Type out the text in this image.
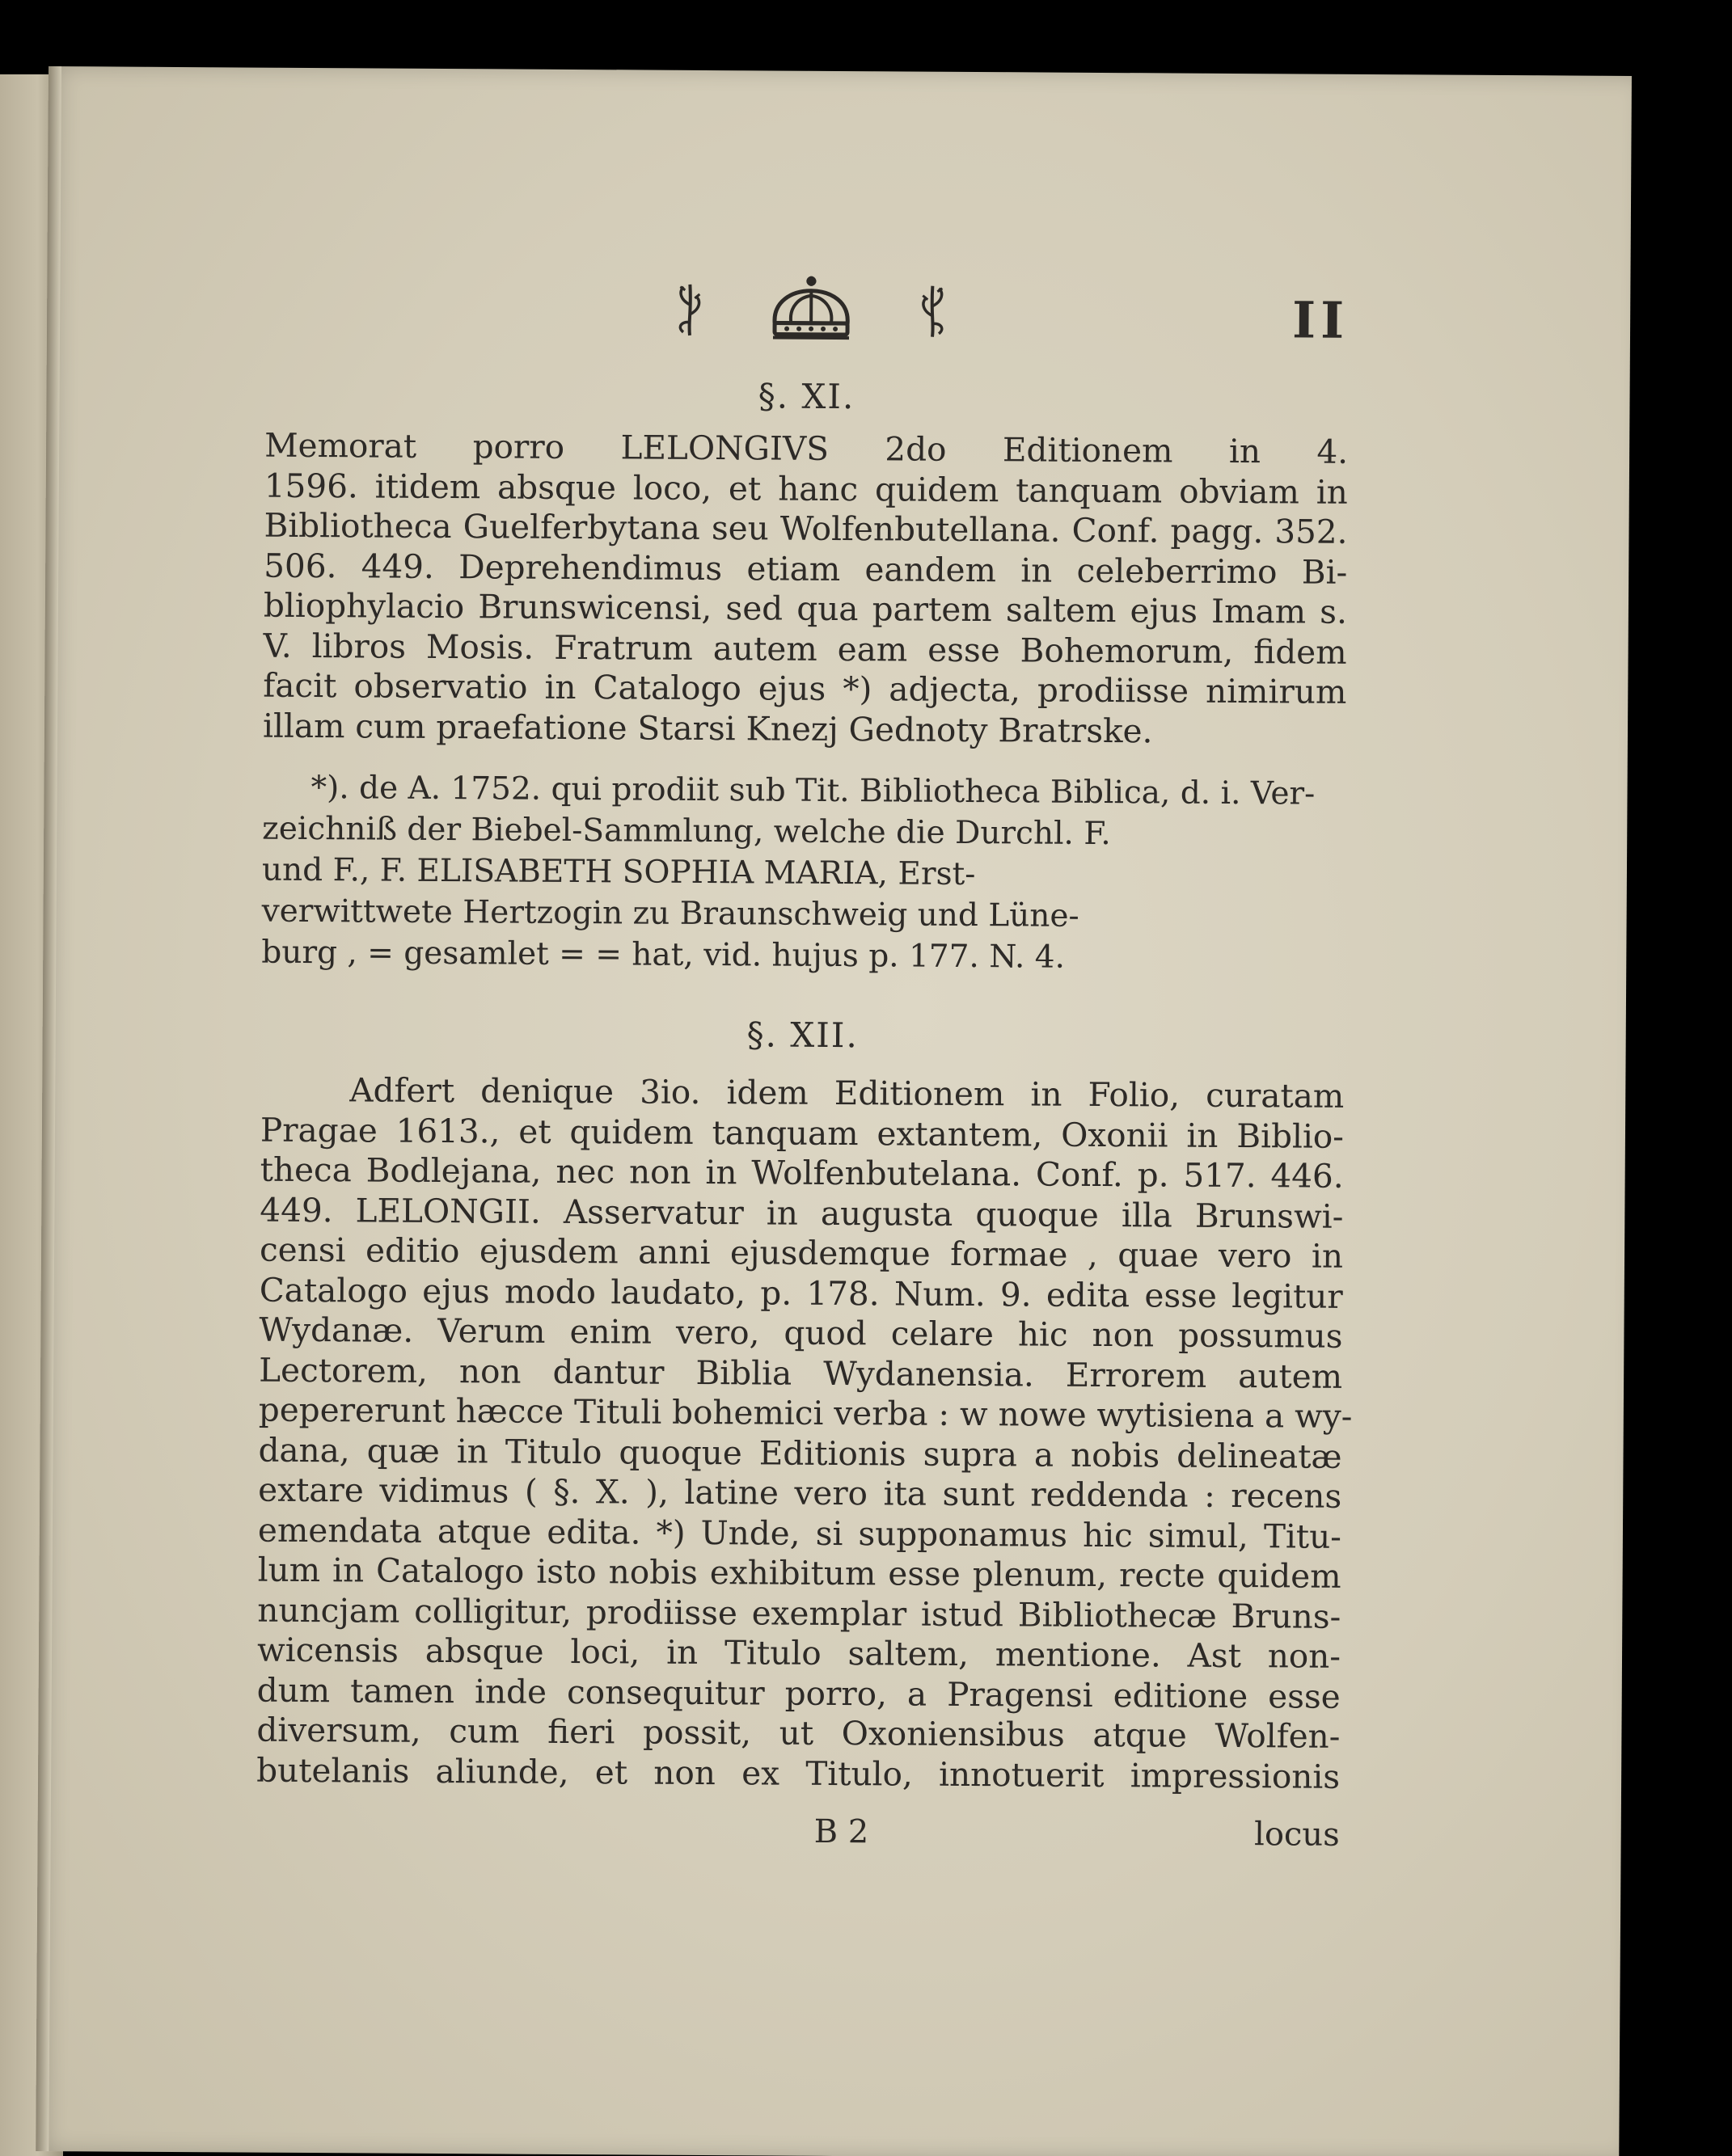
II
§. XI.
Memorat porro LELONGIVS 2do Editionem in 4.
1596. itidem absque loco, et hanc quidem tanquam obviam in
Bibliotheca Guelferbytana seu Wolfenbutellana. Conf. pagg. 352.
506. 449. Deprehendimus etiam eandem in celeberrimo Bi-
bliophylacio Brunswicensi, sed qua partem saltem ejus Imam s.
V. libros Mosis. Fratrum autem eam esse Bohemorum, fidem
facit observatio in Catalogo ejus *) adjecta, prodiisse nimirum
illam cum praefatione Starsi Knezj Gednoty Bratrske.
*). de A. 1752. qui prodiit sub Tit. Bibliotheca Biblica, d. i. Ver-
zeichniß der Biebel-Sammlung, welche die Durchl. F.
und F., F. ELISABETH SOPHIA MARIA, Erst-
verwittwete Hertzogin zu Braunschweig und Lüne-
burg , = gesamlet = = hat, vid. hujus p. 177. N. 4.
§. XII.
Adfert denique 3io. idem Editionem in Folio, curatam
Pragae 1613., et quidem tanquam extantem, Oxonii in Biblio-
theca Bodlejana, nec non in Wolfenbutelana. Conf. p. 517. 446.
449. LELONGII. Asservatur in augusta quoque illa Brunswi-
censi editio ejusdem anni ejusdemque formae , quae vero in
Catalogo ejus modo laudato, p. 178. Num. 9. edita esse legitur
Wydanæ. Verum enim vero, quod celare hic non possumus
Lectorem, non dantur Biblia Wydanensia. Errorem autem
pepererunt hæcce Tituli bohemici verba : w nowe wytisiena a wy-
dana, quæ in Titulo quoque Editionis supra a nobis delineatæ
extare vidimus ( §. X. ), latine vero ita sunt reddenda : recens
emendata atque edita. *) Unde, si supponamus hic simul, Titu-
lum in Catalogo isto nobis exhibitum esse plenum, recte quidem
nuncjam colligitur, prodiisse exemplar istud Bibliothecæ Bruns-
wicensis absque loci, in Titulo saltem, mentione. Ast non-
dum tamen inde consequitur porro, a Pragensi editione esse
diversum, cum fieri possit, ut Oxoniensibus atque Wolfen-
butelanis aliunde, et non ex Titulo, innotuerit impressionis
B 2	locus
